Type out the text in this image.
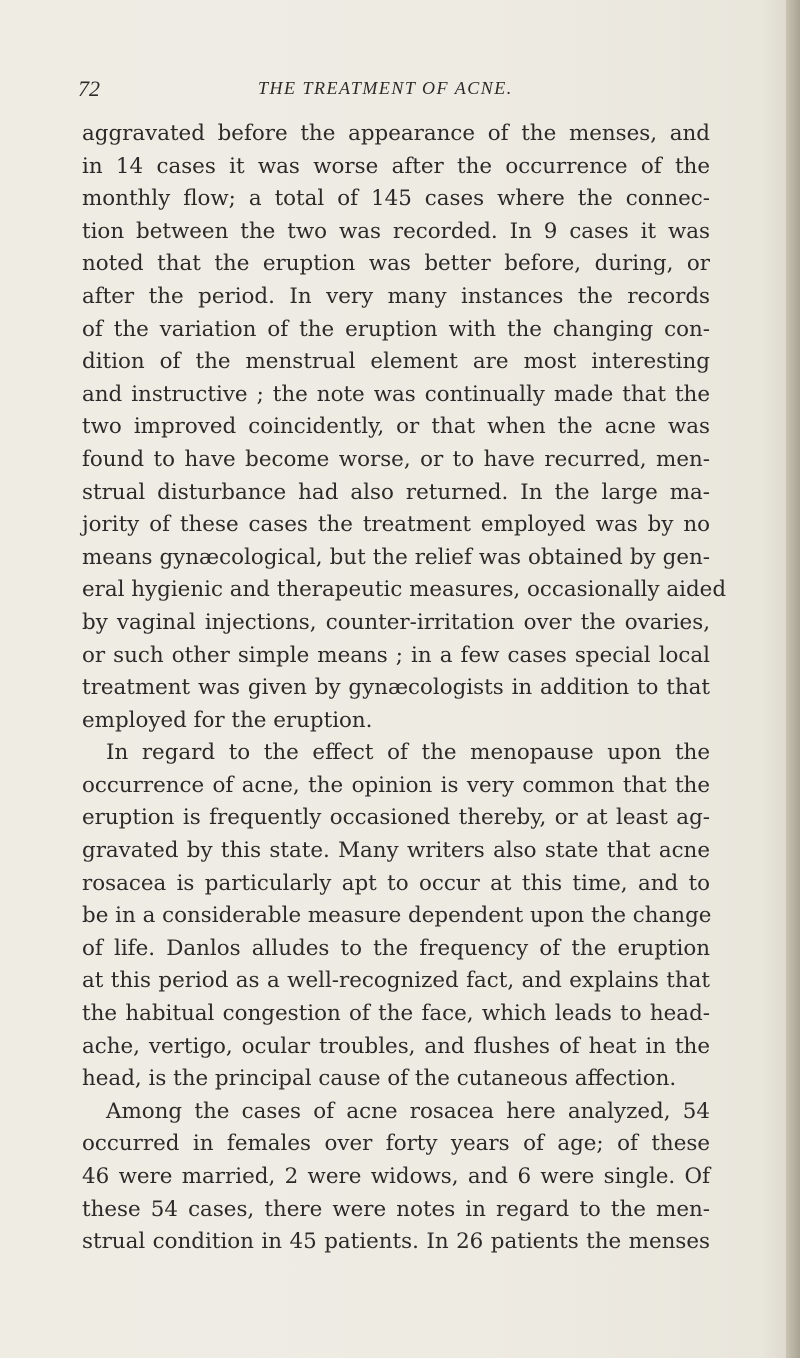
72	THE TREATMENT OF ACNE.
aggravated before the appearance of the menses, and
in 14 cases it was worse after the occurrence of the
monthly flow; a total of 145 cases where the connec-
tion between the two was recorded. In 9 cases it was
noted that the eruption was better before, during, or
after the period. In very many instances the records
of the variation of the eruption with the changing con-
dition of the menstrual element are most interesting
and instructive ; the note was continually made that the
two improved coincidently, or that when the acne was
found to have become worse, or to have recurred, men-
strual disturbance had also returned. In the large ma-
jority of these cases the treatment employed was by no
means gynæcological, but the relief was obtained by gen-
eral hygienic and therapeutic measures, occasionally aided
by vaginal injections, counter-irritation over the ovaries,
or such other simple means ; in a few cases special local
treatment was given by gynæcologists in addition to that
employed for the eruption.
In regard to the effect of the menopause upon the
occurrence of acne, the opinion is very common that the
eruption is frequently occasioned thereby, or at least ag-
gravated by this state. Many writers also state that acne
rosacea is particularly apt to occur at this time, and to
be in a considerable measure dependent upon the change
of life. Danlos alludes to the frequency of the eruption
at this period as a well-recognized fact, and explains that
the habitual congestion of the face, which leads to head-
ache, vertigo, ocular troubles, and flushes of heat in the
head, is the principal cause of the cutaneous affection.
Among the cases of acne rosacea here analyzed, 54
occurred in females over forty years of age; of these
46 were married, 2 were widows, and 6 were single. Of
these 54 cases, there were notes in regard to the men-
strual condition in 45 patients. In 26 patients the menses
